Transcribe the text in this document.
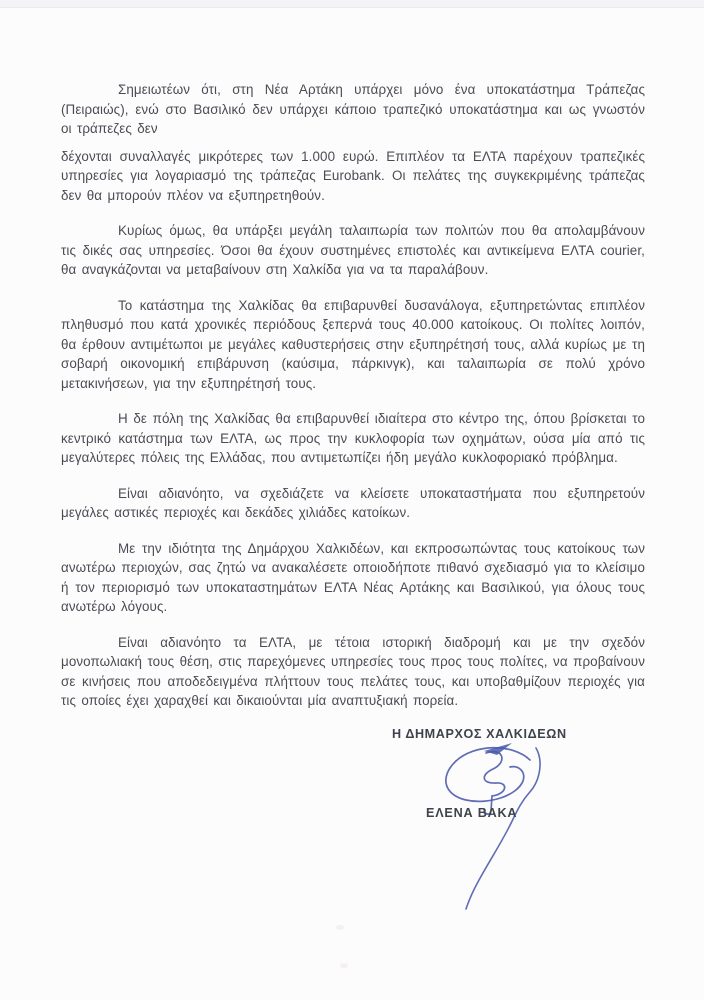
Σημειωτέων ότι, στη Νέα Αρτάκη υπάρχει μόνο ένα υποκατάστημα Τράπεζας (Πειραιώς), ενώ στο Βασιλικό δεν υπάρχει κάποιο τραπεζικό υποκατάστημα και ως γνωστόν οι τράπεζες δεν

δέχονται συναλλαγές μικρότερες των 1.000 ευρώ. Επιπλέον τα ΕΛΤΑ παρέχουν τραπεζικές υπηρεσίες για λογαριασμό της τράπεζας Eurobank. Οι πελάτες της συγκεκριμένης τράπεζας δεν θα μπορούν πλέον να εξυπηρετηθούν.

Κυρίως όμως, θα υπάρξει μεγάλη ταλαιπωρία των πολιτών που θα απολαμβάνουν τις δικές σας υπηρεσίες. Όσοι θα έχουν συστημένες επιστολές και αντικείμενα ΕΛΤΑ courier, θα αναγκάζονται να μεταβαίνουν στη Χαλκίδα για να τα παραλάβουν.

Το κατάστημα της Χαλκίδας θα επιβαρυνθεί δυσανάλογα, εξυπηρετώντας επιπλέον πληθυσμό που κατά χρονικές περιόδους ξεπερνά τους 40.000 κατοίκους. Οι πολίτες λοιπόν, θα έρθουν αντιμέτωποι με μεγάλες καθυστερήσεις στην εξυπηρέτησή τους, αλλά κυρίως με τη σοβαρή οικονομική επιβάρυνση (καύσιμα, πάρκινγκ), και ταλαιπωρία σε πολύ χρόνο μετακινήσεων, για την εξυπηρέτησή τους.

Η δε πόλη της Χαλκίδας θα επιβαρυνθεί ιδιαίτερα στο κέντρο της, όπου βρίσκεται το κεντρικό κατάστημα των ΕΛΤΑ, ως προς την κυκλοφορία των οχημάτων, ούσα μία από τις μεγαλύτερες πόλεις της Ελλάδας, που αντιμετωπίζει ήδη μεγάλο κυκλοφοριακό πρόβλημα.

Είναι αδιανόητο, να σχεδιάζετε να κλείσετε υποκαταστήματα που εξυπηρετούν μεγάλες αστικές περιοχές και δεκάδες χιλιάδες κατοίκων.

Με την ιδιότητα της Δημάρχου Χαλκιδέων, και εκπροσωπώντας τους κατοίκους των ανωτέρω περιοχών, σας ζητώ να ανακαλέσετε οποιοδήποτε πιθανό σχεδιασμό για το κλείσιμο ή τον περιορισμό των υποκαταστημάτων ΕΛΤΑ Νέας Αρτάκης και Βασιλικού, για όλους τους ανωτέρω λόγους.

Είναι αδιανόητο τα ΕΛΤΑ, με τέτοια ιστορική διαδρομή και με την σχεδόν μονοπωλιακή τους θέση, στις παρεχόμενες υπηρεσίες τους προς τους πολίτες, να προβαίνουν σε κινήσεις που αποδεδειγμένα πλήττουν τους πελάτες τους, και υποβαθμίζουν περιοχές για τις οποίες έχει χαραχθεί και δικαιούνται μία αναπτυξιακή πορεία.

Η ΔΗΜΑΡΧΟΣ ΧΑΛΚΙΔΕΩΝ
ΕΛΕΝΑ ΒΑΚΑ
